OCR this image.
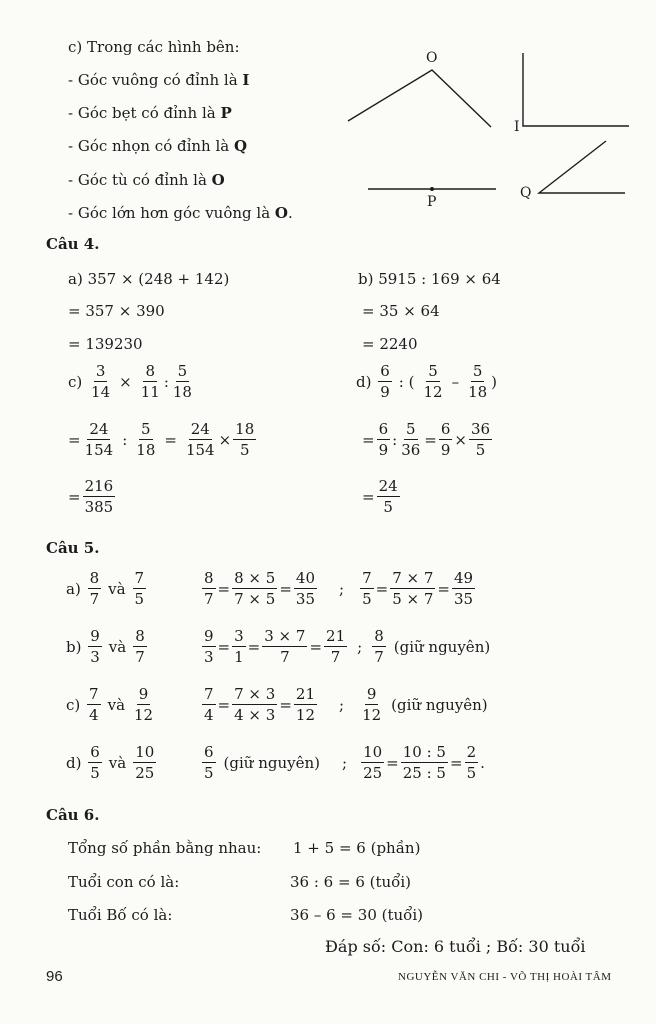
c) Trong các hình bên:
- Góc vuông có đỉnh là I
- Góc bẹt có đỉnh là P
- Góc nhọn có đỉnh là Q
- Góc tù có đỉnh là O
- Góc lớn hơn góc vuông là O.
O
I
P
Q
Câu 4.
a) 357 × (248 + 142)
= 357 × 390
= 139230
b) 5915 : 169 × 64
= 35 × 64
= 2240
c)
$\frac{3}{14} \times \frac{8}{11}$ : $\frac{5}{18}$
= $\frac{24}{154}$ : $\frac{5}{18} = \frac{24}{154} \times \frac{18}{5}$
= $\frac{216}{385}$
d)
$\frac{6}{9}$ : ( $\frac{5}{12} - \frac{5}{18}$ )
= $\frac{6}{9}$ : $\frac{5}{36} = \frac{6}{9} \times \frac{36}{5}$
= $\frac{24}{5}$
Câu 5.
a)
$\frac{8}{7}$ và $\frac{7}{5}$	$\frac{8}{7} = \frac{8 \times 5}{7 \times 5} = \frac{40}{35}$ ; $\frac{7}{5} = \frac{7 \times 7}{5 \times 7} = \frac{49}{35}$
b)
$\frac{9}{3}$ và $\frac{8}{7}$	$\frac{9}{3} = \frac{3}{1} = \frac{3 \times 7}{7} = \frac{21}{7}$ ; $\frac{8}{7}$ (giữ nguyên)
c)
$\frac{7}{4}$ và $\frac{9}{12}$	$\frac{7}{4} = \frac{7 \times 3}{4 \times 3} = \frac{21}{12}$ ; $\frac{9}{12}$ (giữ nguyên)
d)
$\frac{6}{5}$ và $\frac{10}{25}$	$\frac{6}{5}$ (giữ nguyên) ; $\frac{10}{25} = \frac{10 : 5}{25 : 5} = \frac{2}{5}$ .
Câu 6.
Tổng số phần bằng nhau: 1 + 5 = 6 (phần)
Tuổi con có là:	36 : 6 = 6 (tuổi)
Tuổi Bố có là:	36 – 6 = 30 (tuổi)
Đáp số: Con: 6 tuổi ; Bố: 30 tuổi
96	NGUYỄN VĂN CHI - VÕ THỊ HOÀI TÂM
